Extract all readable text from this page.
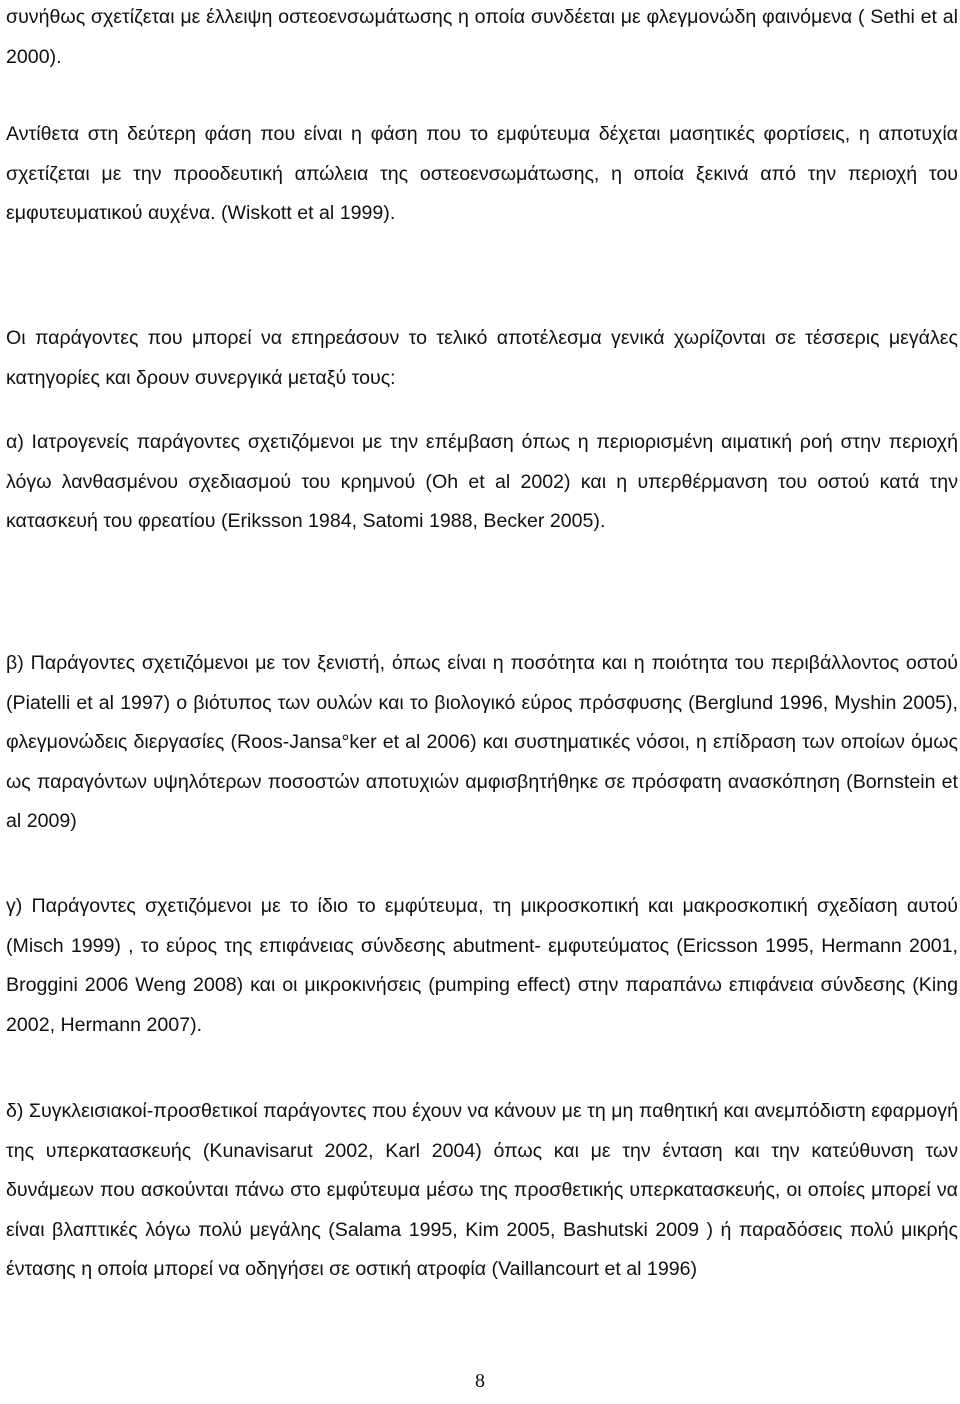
συνήθως σχετίζεται με έλλειψη οστεοενσωμάτωσης η οποία συνδέεται με φλεγμονώδη φαινόμενα ( Sethi et al 2000).

Αντίθετα στη δεύτερη φάση που είναι η φάση που το εμφύτευμα δέχεται μασητικές φορτίσεις, η αποτυχία σχετίζεται με την προοδευτική απώλεια της οστεοενσωμάτωσης, η οποία ξεκινά από την περιοχή του εμφυτευματικού αυχένα. (Wiskott et al 1999).

Οι παράγοντες που μπορεί να επηρεάσουν το τελικό αποτέλεσμα γενικά χωρίζονται σε τέσσερις μεγάλες κατηγορίες και δρουν συνεργικά μεταξύ τους:

α) Ιατρογενείς παράγοντες σχετιζόμενοι με την επέμβαση όπως η περιορισμένη αιματική ροή στην περιοχή λόγω λανθασμένου σχεδιασμού του κρημνού (Oh et al 2002) και η υπερθέρμανση του οστού κατά την κατασκευή του φρεατίου (Eriksson 1984, Satomi 1988, Becker 2005).

β) Παράγοντες σχετιζόμενοι με τον ξενιστή, όπως είναι η ποσότητα και η ποιότητα του περιβάλλοντος οστού (Piatelli et al 1997) ο βιότυπος των ουλών και το βιολογικό εύρος πρόσφυσης (Berglund 1996, Myshin 2005), φλεγμονώδεις διεργασίες (Roos-Jansa°ker et al 2006) και συστηματικές νόσοι, η επίδραση των οποίων όμως ως παραγόντων υψηλότερων ποσοστών αποτυχιών αμφισβητήθηκε σε πρόσφατη ανασκόπηση (Bornstein et al 2009)

γ) Παράγοντες σχετιζόμενοι με το ίδιο το εμφύτευμα, τη μικροσκοπική και μακροσκοπική σχεδίαση αυτού (Misch 1999) , το εύρος της επιφάνειας σύνδεσης abutment- εμφυτεύματος (Ericsson 1995, Hermann 2001, Broggini 2006 Weng 2008) και οι μικροκινήσεις (pumping effect) στην παραπάνω επιφάνεια σύνδεσης (King 2002, Hermann 2007).

δ) Συγκλεισιακοί-προσθετικοί παράγοντες που έχουν να κάνουν με τη μη παθητική και ανεμπόδιστη εφαρμογή της υπερκατασκευής (Kunavisarut 2002, Karl 2004) όπως και με την ένταση και την κατεύθυνση των δυνάμεων που ασκούνται πάνω στο εμφύτευμα μέσω της προσθετικής υπερκατασκευής, οι οποίες μπορεί να είναι βλαπτικές λόγω πολύ μεγάλης (Salama 1995, Kim 2005, Bashutski 2009 ) ή παραδόσεις πολύ μικρής έντασης η οποία μπορεί να οδηγήσει σε οστική ατροφία (Vaillancourt et al 1996)

8
